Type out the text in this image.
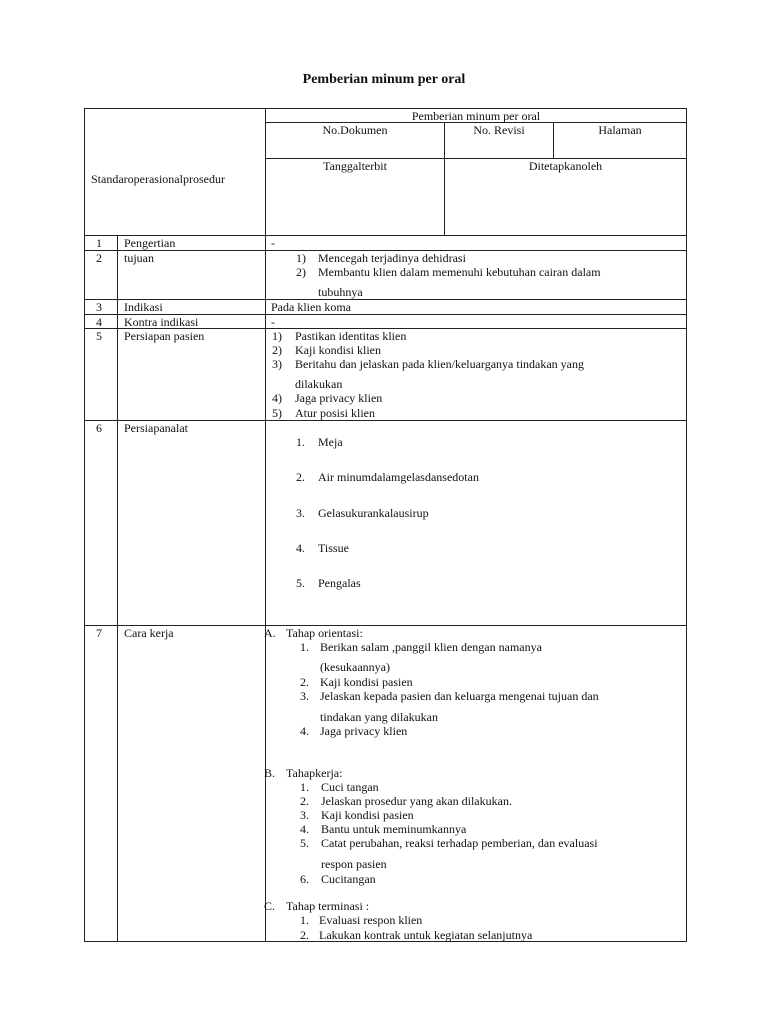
Pemberian minum per oral
Standaroperasionalprosedur
Pemberian minum per oral
No.Dokumen	No. Revisi	Halaman
Tanggalterbit	Ditetapkanoleh
1 Pengertian	-
2 tujuan	1) Mencegah terjadinya dehidrasi
2) Membantu klien dalam memenuhi kebutuhan cairan dalam
tubuhnya
3 Indikasi	Pada klien koma
4 Kontra indikasi	-
5 Persiapan pasien	1) Pastikan identitas klien
2) Kaji kondisi klien
3) Beritahu dan jelaskan pada klien/keluarganya tindakan yang
dilakukan
4) Jaga privacy klien
5) Atur posisi klien
6 Persiapanalat
1. Meja
2. Air minumdalamgelasdansedotan
3. Gelasukurankalausirup
4. Tissue
5. Pengalas
7 Cara kerja	A. Tahap orientasi:
1. Berikan salam ,panggil klien dengan namanya
(kesukaannya)
2. Kaji kondisi pasien
3. Jelaskan kepada pasien dan keluarga mengenai tujuan dan
tindakan yang dilakukan
4. Jaga privacy klien
B. Tahapkerja:
1. Cuci tangan
2. Jelaskan prosedur yang akan dilakukan.
3. Kaji kondisi pasien
4. Bantu untuk meminumkannya
5. Catat perubahan, reaksi terhadap pemberian, dan evaluasi
respon pasien
6. Cucitangan
C. Tahap terminasi :
1. Evaluasi respon klien
2. Lakukan kontrak untuk kegiatan selanjutnya
